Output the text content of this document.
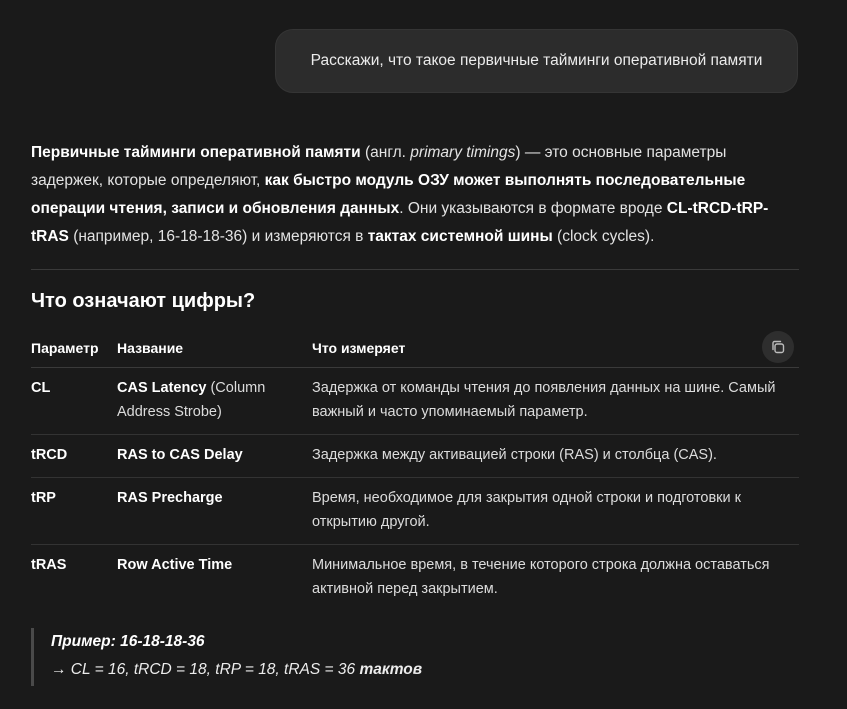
Расскажи, что такое первичные тайминги оперативной памяти

Первичные тайминги оперативной памяти (англ. primary timings) — это основные параметры задержек, которые определяют, как быстро модуль ОЗУ может выполнять последовательные операции чтения, записи и обновления данных. Они указываются в формате вроде CL-tRCD-tRP-tRAS (например, 16-18-18-36) и измеряются в тактах системной шины (clock cycles).

Что означают цифры?
Параметр	Название	Что измеряет
CL	CAS Latency (Column Address Strobe)	Задержка от команды чтения до появления данных на шине. Самый важный и часто упоминаемый параметр.
tRCD	RAS to CAS Delay	Задержка между активацией строки (RAS) и столбца (CAS).
tRP	RAS Precharge	Время, необходимое для закрытия одной строки и подготовки к открытию другой.
tRAS	Row Active Time	Минимальное время, в течение которого строка должна оставаться активной перед закрытием.
Пример: 16-18-18-36
→ CL = 16, tRCD = 18, tRP = 18, tRAS = 36 тактов
